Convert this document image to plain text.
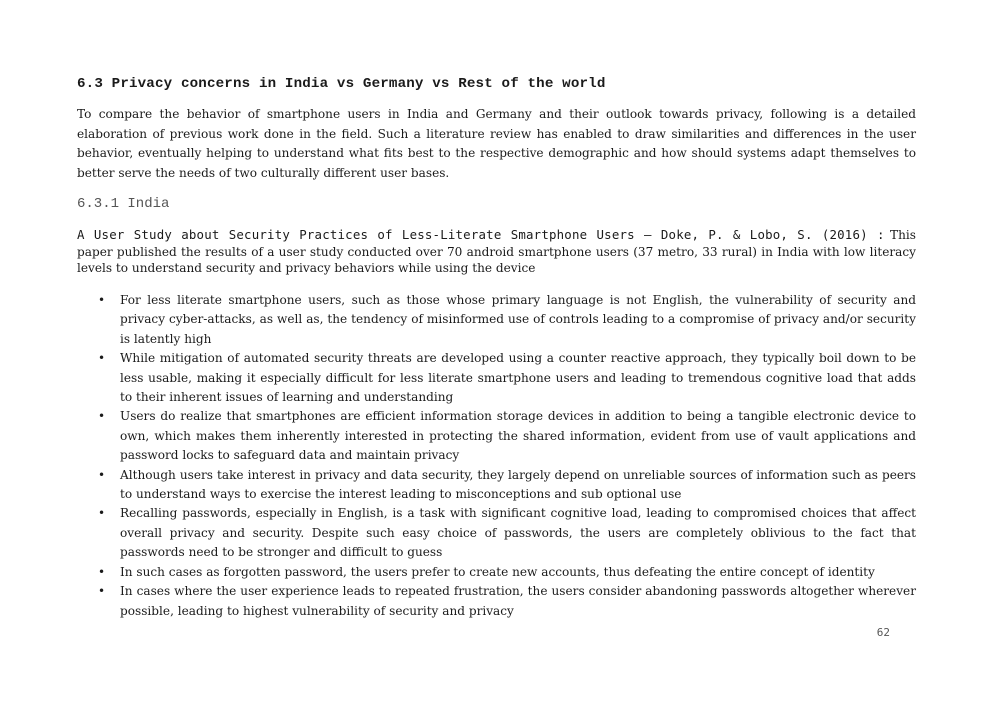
6.3 Privacy concerns in India vs Germany vs Rest of the world

To compare the behavior of smartphone users in India and Germany and their outlook towards privacy, following is a detailed elaboration of previous work done in the field. Such a literature review has enabled to draw similarities and differences in the user behavior, eventually helping to understand what fits best to the respective demographic and how should systems adapt themselves to better serve the needs of two culturally different user bases.

6.3.1 India

A User Study about Security Practices of Less-Literate Smartphone Users – Doke, P. & Lobo, S. (2016) : This paper published the results of a user study conducted over 70 android smartphone users (37 metro, 33 rural) in India with low literacy levels to understand security and privacy behaviors while using the device

• For less literate smartphone users, such as those whose primary language is not English, the vulnerability of security and privacy cyber-attacks, as well as, the tendency of misinformed use of controls leading to a compromise of privacy and/or security is latently high
• While mitigation of automated security threats are developed using a counter reactive approach, they typically boil down to be less usable, making it especially difficult for less literate smartphone users and leading to tremendous cognitive load that adds to their inherent issues of learning and understanding
• Users do realize that smartphones are efficient information storage devices in addition to being a tangible electronic device to own, which makes them inherently interested in protecting the shared information, evident from use of vault applications and password locks to safeguard data and maintain privacy
• Although users take interest in privacy and data security, they largely depend on unreliable sources of information such as peers to understand ways to exercise the interest leading to misconceptions and sub optional use
• Recalling passwords, especially in English, is a task with significant cognitive load, leading to compromised choices that affect overall privacy and security. Despite such easy choice of passwords, the users are completely oblivious to the fact that passwords need to be stronger and difficult to guess
• In such cases as forgotten password, the users prefer to create new accounts, thus defeating the entire concept of identity
• In cases where the user experience leads to repeated frustration, the users consider abandoning passwords altogether wherever possible, leading to highest vulnerability of security and privacy
62
